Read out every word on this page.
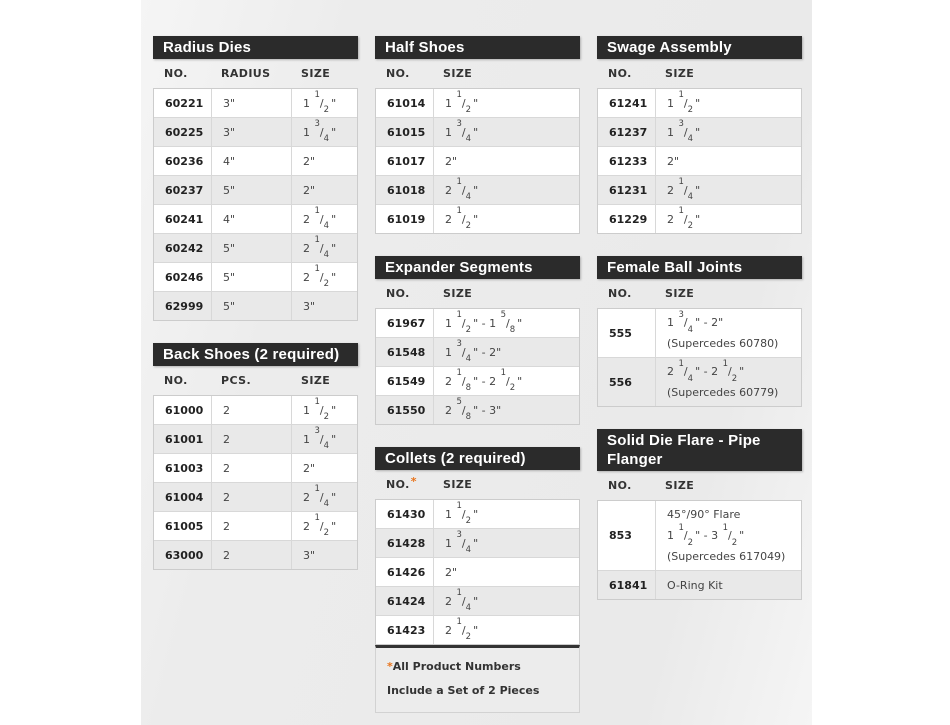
Radius Dies
NO.	RADIUS	SIZE
60221 3"	1 $^1/_2$"
60225 3"	1 $^3/_4$"
60236 4"	2"
60237 5"	2"
60241 4"	2 $^1/_4$"
60242 5"	2 $^1/_4$"
60246 5"	2 $^1/_2$"
62999 5"	3"
Back Shoes (2 required)
NO.	PCS.	SIZE
61000 2	1 $^1/_2$"
61001 2	1 $^3/_4$"
61003 2	2"
61004 2	2 $^1/_4$"
61005 2	2 $^1/_2$"
63000 2	3"
Half Shoes
NO.	SIZE
61014 1 $^1/_2$"
61015 1 $^3/_4$"
61017 2"
61018 2 $^1/_4$"
61019 2 $^1/_2$"
Expander Segments
NO.	SIZE
61967 1 $^1/_2$" - 1 $^5/_8$"
61548 1 $^3/_4$" - 2"
61549 2 $^1/_8$" - 2 $^1/_2$"
61550 2 $^5/_8$" - 3"
Collets (2 required)
NO. *	SIZE
61430 1 $^1/_2$"
61428 1 $^3/_4$"
61426 2"
61424 2 $^1/_4$"
61423 2 $^1/_2$"
*All Product Numbers Include a Set of 2 Pieces
Swage Assembly
NO.	SIZE
61241 1 $^1/_2$"
61237 1 $^3/_4$"
61233 2"
61231 2 $^1/_4$"
61229 2 $^1/_2$"
Female Ball Joints
NO.	SIZE
555
1 $^3/_4$" - 2"
(Supercedes 60780)
556
2 $^1/_4$" - 2 $^1/_2$"
(Supercedes 60779)
Solid Die Flare - Pipe Flanger
NO.	SIZE
853
45°/90° Flare
1 $^1/_2$" - 3 $^1/_2$"
(Supercedes 617049)
61841 O-Ring Kit
